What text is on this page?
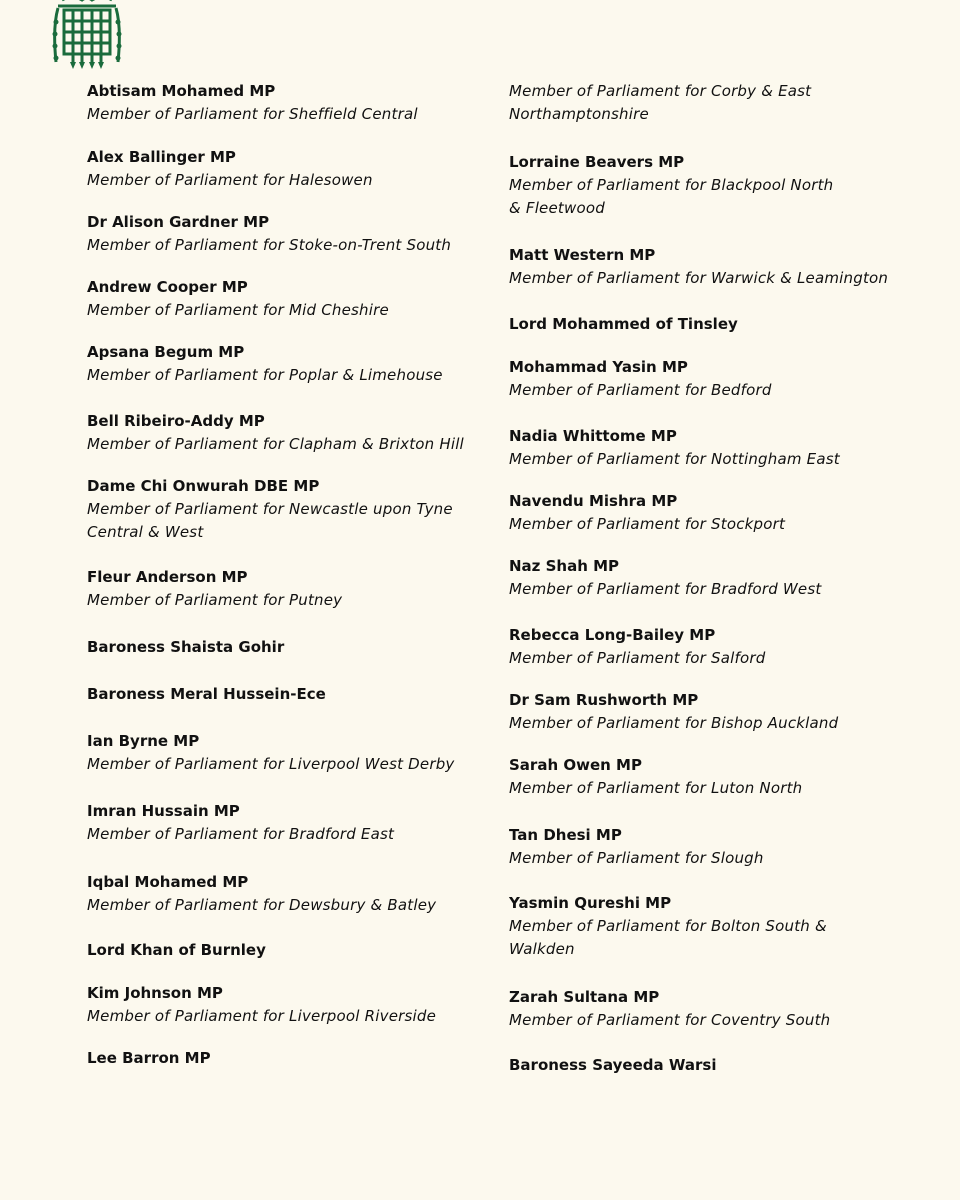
Abtisam Mohamed MP
Member of Parliament for Sheffield Central
Alex Ballinger MP
Member of Parliament for Halesowen
Dr Alison Gardner MP
Member of Parliament for Stoke-on-Trent South
Andrew Cooper MP
Member of Parliament for Mid Cheshire
Apsana Begum MP
Member of Parliament for Poplar & Limehouse
Bell Ribeiro-Addy MP
Member of Parliament for Clapham & Brixton Hill
Dame Chi Onwurah DBE MP
Member of Parliament for Newcastle upon Tyne Central & West
Fleur Anderson MP
Member of Parliament for Putney
Baroness Shaista Gohir
Baroness Meral Hussein-Ece
Ian Byrne MP
Member of Parliament for Liverpool West Derby
Imran Hussain MP
Member of Parliament for Bradford East
Iqbal Mohamed MP
Member of Parliament for Dewsbury & Batley
Lord Khan of Burnley
Kim Johnson MP
Member of Parliament for Liverpool Riverside
Lee Barron MP
Member of Parliament for Corby & East Northamptonshire
Lorraine Beavers MP
Member of Parliament for Blackpool North & Fleetwood
Matt Western MP
Member of Parliament for Warwick & Leamington
Lord Mohammed of Tinsley
Mohammad Yasin MP
Member of Parliament for Bedford
Nadia Whittome MP
Member of Parliament for Nottingham East
Navendu Mishra MP
Member of Parliament for Stockport
Naz Shah MP
Member of Parliament for Bradford West
Rebecca Long-Bailey MP
Member of Parliament for Salford
Dr Sam Rushworth MP
Member of Parliament for Bishop Auckland
Sarah Owen MP
Member of Parliament for Luton North
Tan Dhesi MP
Member of Parliament for Slough
Yasmin Qureshi MP
Member of Parliament for Bolton South & Walkden
Zarah Sultana MP
Member of Parliament for Coventry South
Baroness Sayeeda Warsi
